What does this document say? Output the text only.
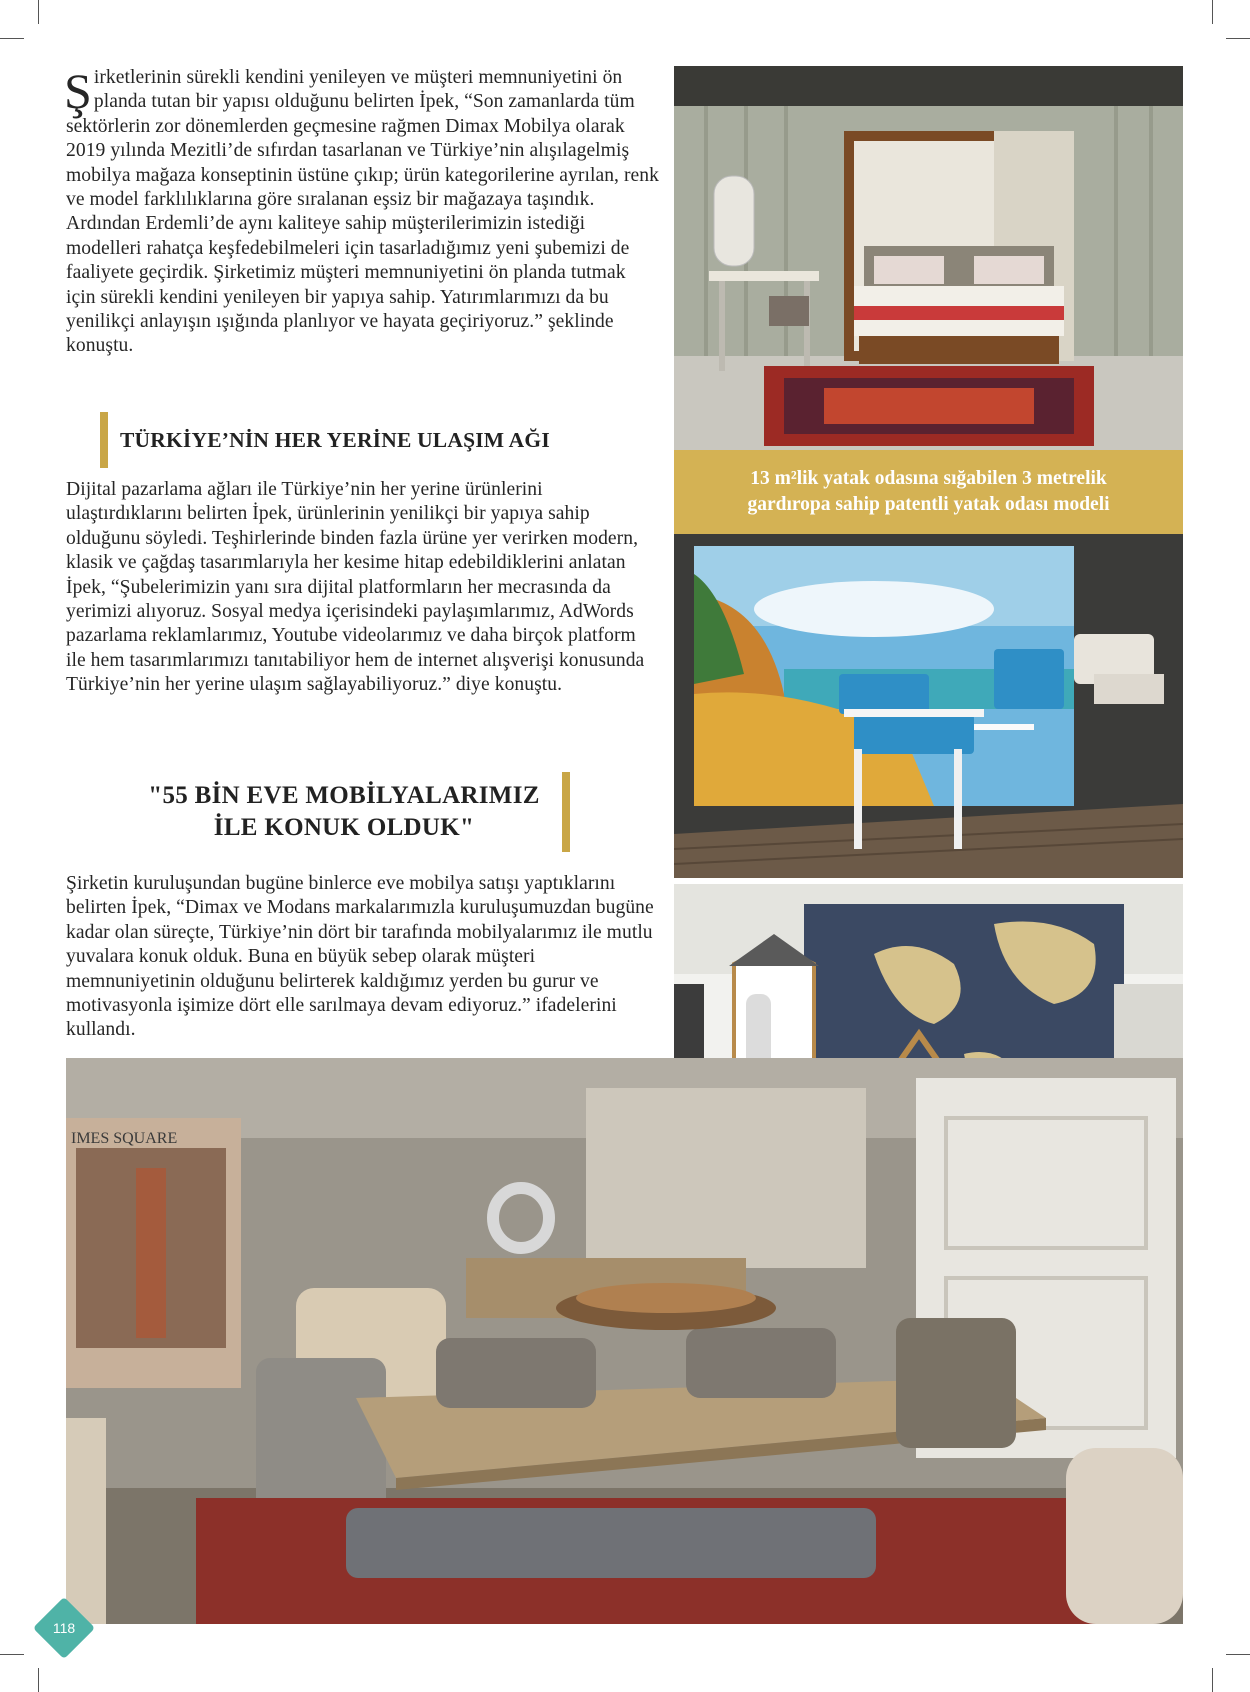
Şirketlerinin sürekli kendini yenileyen ve müşteri memnuniyetini ön planda tutan bir yapısı olduğunu belirten İpek, “Son zamanlarda tüm sektörlerin zor dönemlerden geçmesine rağmen Dimax Mobilya olarak 2019 yılında Mezitli’de sıfırdan tasarlanan ve Türkiye’nin alışılagelmiş mobilya mağaza konseptinin üstüne çıkıp; ürün kategorilerine ayrılan, renk ve model farklılıklarına göre sıralanan eşsiz bir mağazaya taşındık. Ardından Erdemli’de aynı kaliteye sahip müşterilerimizin istediği modelleri rahatça keşfedebilmeleri için tasarladığımız yeni şubemizi de faaliyete geçirdik. Şirketimiz müşteri memnuniyetini ön planda tutmak için sürekli kendini yenileyen bir yapıya sahip. Yatırımlarımızı da bu yenilikçi anlayışın ışığında planlıyor ve hayata geçiriyoruz.” şeklinde konuştu.

TÜRKİYE’NİN HER YERİNE ULAŞIM AĞI

Dijital pazarlama ağları ile Türkiye’nin her yerine ürünlerini ulaştırdıklarını belirten İpek, ürünlerinin yenilikçi bir yapıya sahip olduğunu söyledi. Teşhirlerinde binden fazla ürüne yer verirken modern, klasik ve çağdaş tasarımlarıyla her kesime hitap edebildiklerini anlatan İpek, “Şubelerimizin yanı sıra dijital platformların her mecrasında da yerimizi alıyoruz. Sosyal medya içerisindeki paylaşımlarımız, AdWords pazarlama reklamlarımız, Youtube videolarımız ve daha birçok platform ile hem tasarımlarımızı tanıtabiliyor hem de internet alışverişi konusunda Türkiye’nin her yerine ulaşım sağlayabiliyoruz.” diye konuştu.

"55 BİN EVE MOBİLYALARIMIZ
İLE KONUK OLDUK"

Şirketin kuruluşundan bugüne binlerce eve mobilya satışı yaptıklarını belirten İpek, “Dimax ve Modans markalarımızla kuruluşumuzdan bugüne kadar olan süreçte, Türkiye’nin dört bir tarafında mobilyalarımız ile mutlu yuvalara konuk olduk. Buna en büyük sebep olarak müşteri memnuniyetinin olduğunu belirterek kaldığımız yerden bu gurur ve motivasyonla işimize dört elle sarılmaya devam ediyoruz.” ifadelerini kullandı.

13 m²lik yatak odasına sığabilen 3 metrelik
gardıropa sahip patentli yatak odası modeli
IMES SQUARE
118
